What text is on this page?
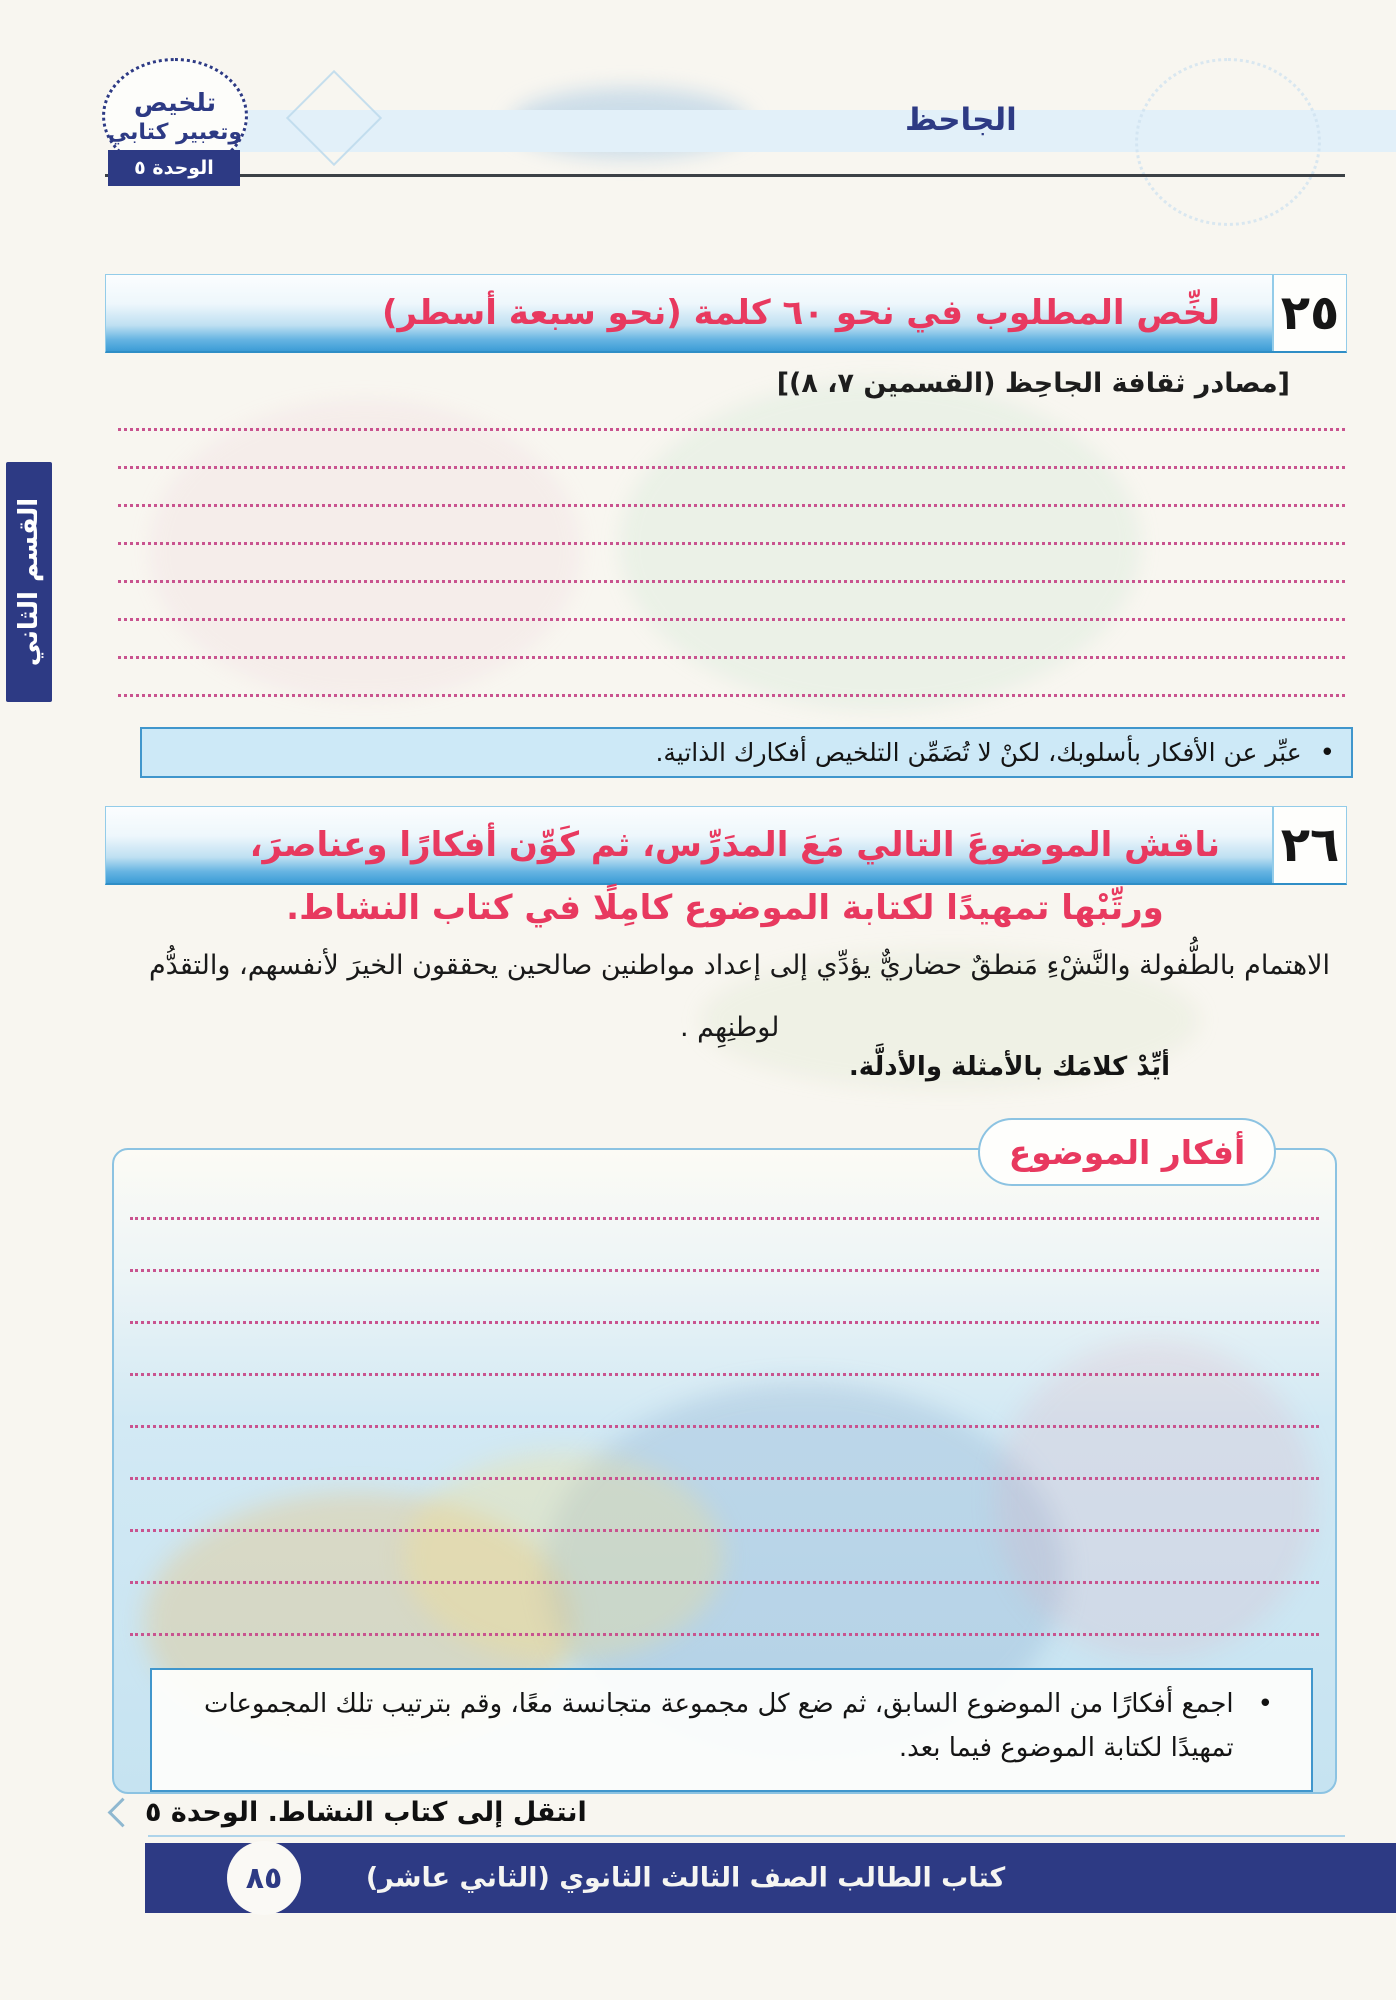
القسم الثاني
تلخيص
وتعبير كتابي
الوحدة ٥
الجاحظ
٢٥
لخِّص المطلوب في نحو ٦٠ كلمة (نحو سبعة أسطر)
[مصادر ثقافة الجاحِظ (القسمين ٧، ٨)]
•

عبِّر عن الأفكار بأسلوبك، لكنْ لا تُضَمِّن التلخيص أفكارك الذاتية.

٢٦
ناقش الموضوعَ التالي مَعَ المدَرِّس، ثم كَوِّن أفكارًا وعناصرَ،
ورتِّبْها تمهيدًا لكتابة الموضوع كامِلًا في كتاب النشاط.
الاهتمام بالطُّفولة والنَّشْءِ مَنطقٌ حضاريٌّ يؤدِّي إلى إعداد مواطنين صالحين يحققون الخيرَ لأنفسهم، والتقدُّم
لوطنِهِم .
أيِّدْ كلامَك بالأمثلة والأدلَّة.
•

اجمع أفكارًا من الموضوع السابق، ثم ضع كل مجموعة متجانسة معًا، وقم بترتيب تلك المجموعات تمهيدًا لكتابة الموضوع فيما بعد.

أفكار الموضوع
انتقل إلى كتاب النشاط. الوحدة ٥
كتاب الطالب الصف الثالث الثانوي (الثاني عاشر)
٨٥
